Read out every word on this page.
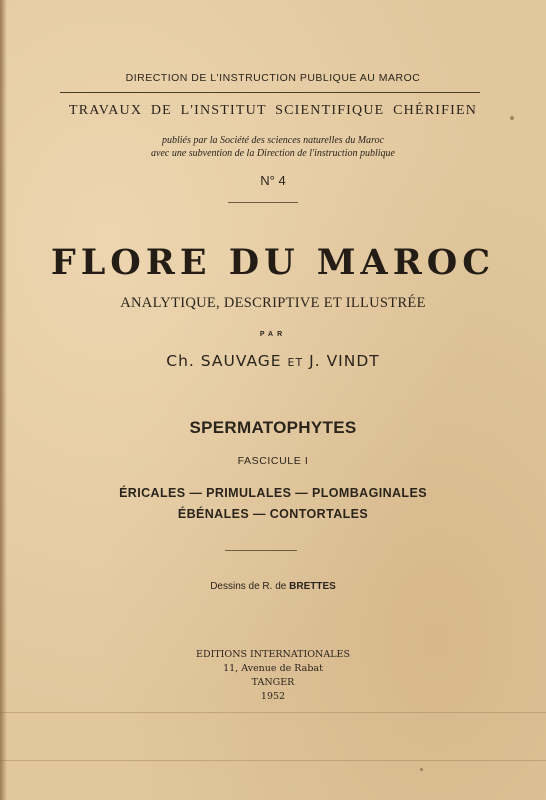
DIRECTION DE L'INSTRUCTION PUBLIQUE AU MAROC
TRAVAUX DE L'INSTITUT SCIENTIFIQUE CHÉRIFIEN
publiés par la Société des sciences naturelles du Maroc
avec une subvention de la Direction de l'instruction publique
N° 4
FLORE DU MAROC
ANALYTIQUE, DESCRIPTIVE ET ILLUSTRÉE
PAR
Ch. SAUVAGE ET J. VINDT
SPERMATOPHYTES
FASCICULE I
ÉRICALES — PRIMULALES — PLOMBAGINALES
ÉBÉNALES — CONTORTALES
Dessins de R. de BRETTES
EDITIONS INTERNATIONALES
11, Avenue de Rabat
TANGER
1952
